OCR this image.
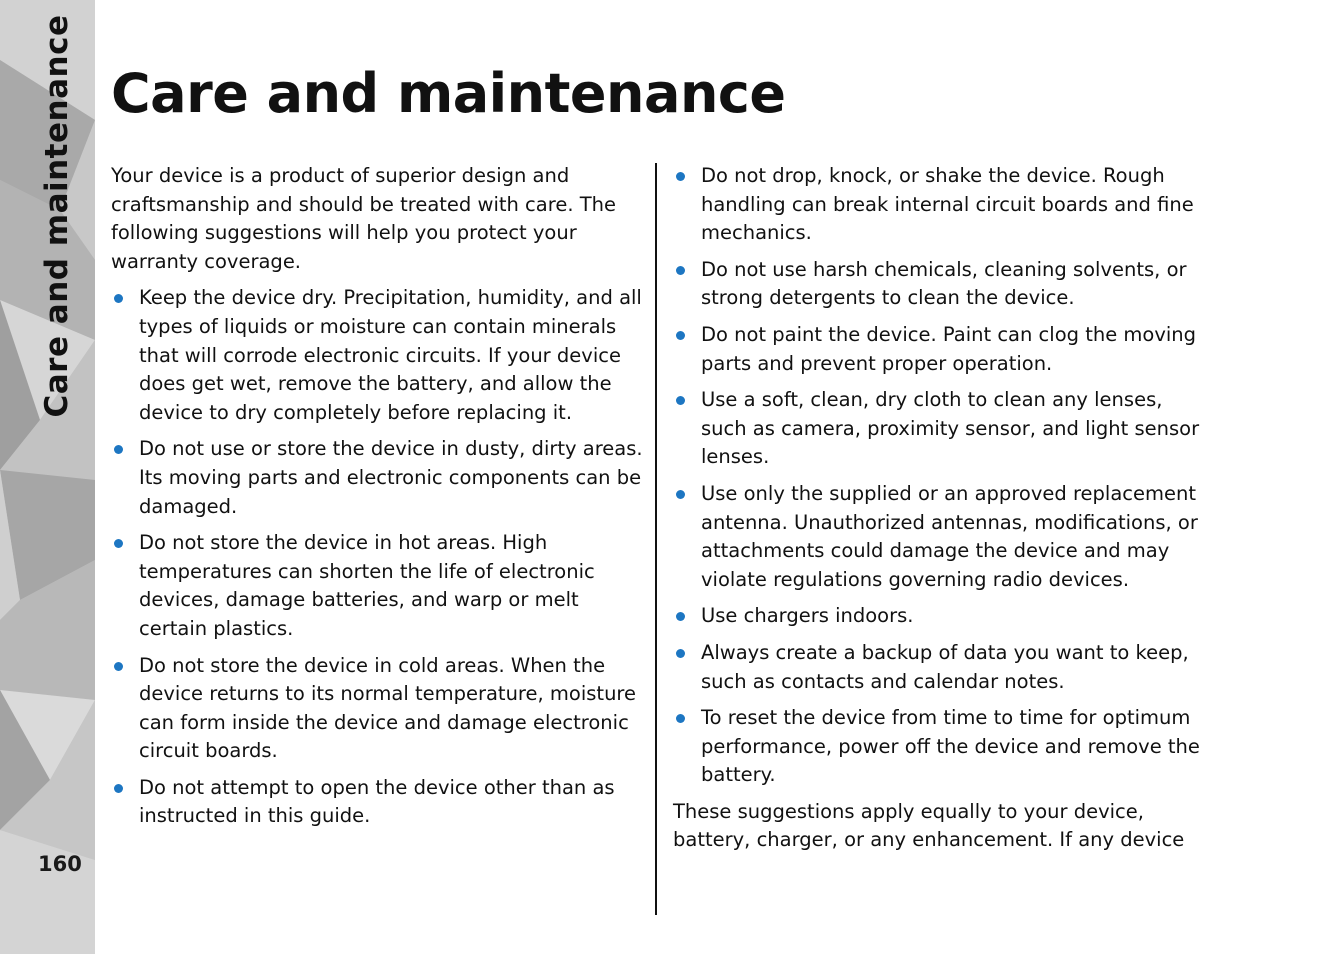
Care and maintenance
160
Care and maintenance

Your device is a product of superior design and craftsmanship and should be treated with care. The following suggestions will help you protect your warranty coverage.

Keep the device dry. Precipitation, humidity, and all types of liquids or moisture can contain minerals that will corrode electronic circuits. If your device does get wet, remove the battery, and allow the device to dry completely before replacing it.
Do not use or store the device in dusty, dirty areas. Its moving parts and electronic components can be damaged.
Do not store the device in hot areas. High temperatures can shorten the life of electronic devices, damage batteries, and warp or melt certain plastics.
Do not store the device in cold areas. When the device returns to its normal temperature, moisture can form inside the device and damage electronic circuit boards.
Do not attempt to open the device other than as instructed in this guide.
Do not drop, knock, or shake the device. Rough handling can break internal circuit boards and fine mechanics.
Do not use harsh chemicals, cleaning solvents, or strong detergents to clean the device.
Do not paint the device. Paint can clog the moving parts and prevent proper operation.
Use a soft, clean, dry cloth to clean any lenses, such as camera, proximity sensor, and light sensor lenses.
Use only the supplied or an approved replacement antenna. Unauthorized antennas, modifications, or attachments could damage the device and may violate regulations governing radio devices.
Use chargers indoors.
Always create a backup of data you want to keep, such as contacts and calendar notes.
To reset the device from time to time for optimum performance, power off the device and remove the battery.

These suggestions apply equally to your device, battery, charger, or any enhancement. If any device
